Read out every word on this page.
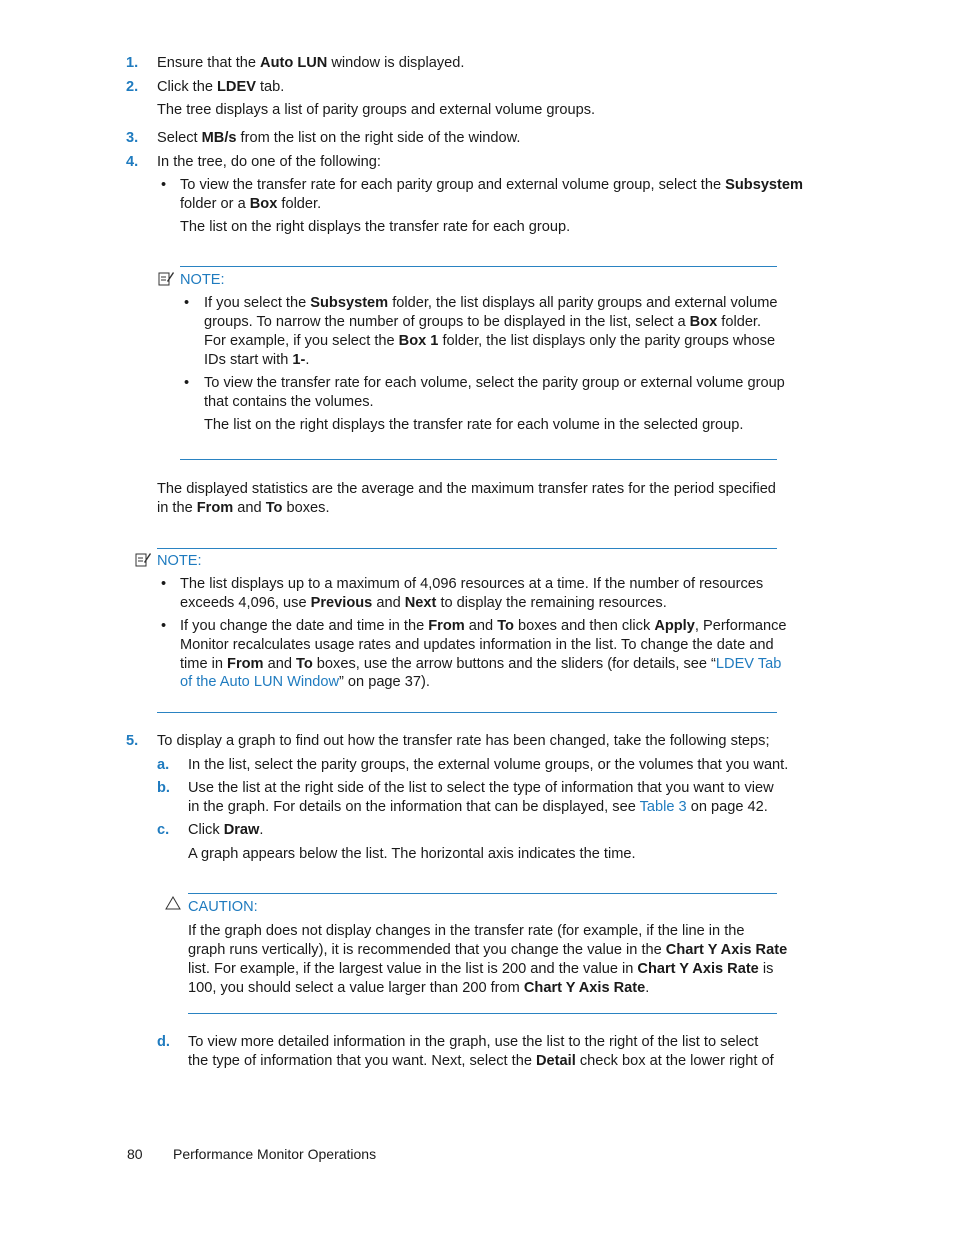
1. Ensure that the Auto LUN window is displayed.
2. Click the LDEV tab.
The tree displays a list of parity groups and external volume groups.
3. Select MB/s from the list on the right side of the window.
4. In the tree, do one of the following:
• To view the transfer rate for each parity group and external volume group, select the Subsystem
folder or a Box folder.
The list on the right displays the transfer rate for each group.
NOTE:
• If you select the Subsystem folder, the list displays all parity groups and external volume
groups. To narrow the number of groups to be displayed in the list, select a Box folder.
For example, if you select the Box 1 folder, the list displays only the parity groups whose
IDs start with 1-.
• To view the transfer rate for each volume, select the parity group or external volume group
that contains the volumes.
The list on the right displays the transfer rate for each volume in the selected group.
The displayed statistics are the average and the maximum transfer rates for the period specified
in the From and To boxes.
NOTE:
• The list displays up to a maximum of 4,096 resources at a time. If the number of resources
exceeds 4,096, use Previous and Next to display the remaining resources.
• If you change the date and time in the From and To boxes and then click Apply, Performance
Monitor recalculates usage rates and updates information in the list. To change the date and
time in From and To boxes, use the arrow buttons and the sliders (for details, see “LDEV Tab
of the Auto LUN Window” on page 37).
5. To display a graph to find out how the transfer rate has been changed, take the following steps;
a. In the list, select the parity groups, the external volume groups, or the volumes that you want.
b. Use the list at the right side of the list to select the type of information that you want to view
in the graph. For details on the information that can be displayed, see Table 3 on page 42.
c. Click Draw.
A graph appears below the list. The horizontal axis indicates the time.
CAUTION:
If the graph does not display changes in the transfer rate (for example, if the line in the
graph runs vertically), it is recommended that you change the value in the Chart Y Axis Rate
list. For example, if the largest value in the list is 200 and the value in Chart Y Axis Rate is
100, you should select a value larger than 200 from Chart Y Axis Rate.
d. To view more detailed information in the graph, use the list to the right of the list to select
the type of information that you want. Next, select the Detail check box at the lower right of
80 Performance Monitor Operations
